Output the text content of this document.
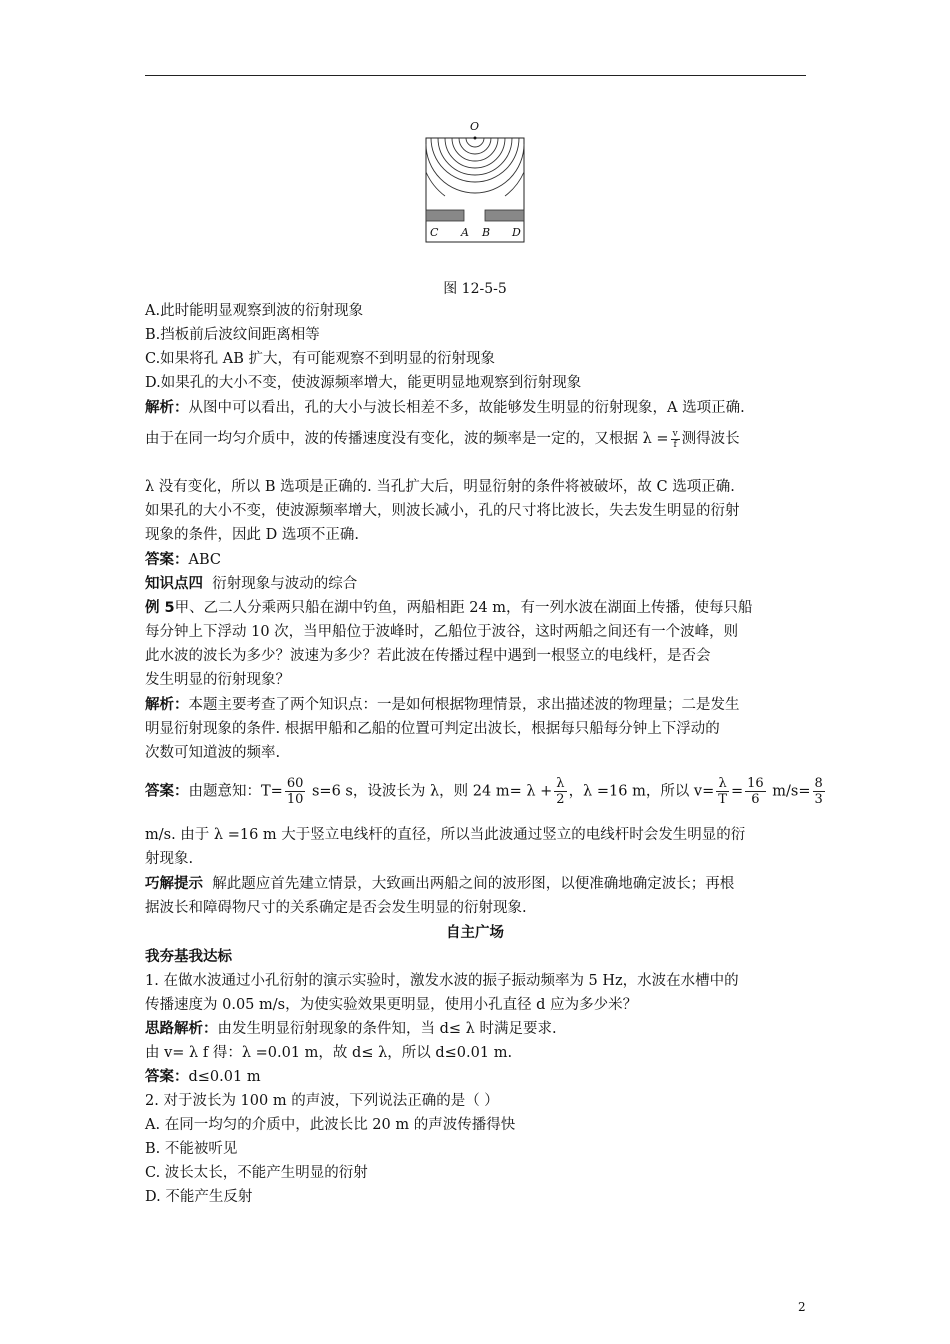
O
C A B D
图 12-5-5
A.此时能明显观察到波的衍射现象
B.挡板前后波纹间距离相等
C.如果将孔 AB 扩大，有可能观察不到明显的衍射现象
D.如果孔的大小不变，使波源频率增大，能更明显地观察到衍射现象
解析：从图中可以看出，孔的大小与波长相差不多，故能够发生明显的衍射现象，A 选项正确.
由于在同一均匀介质中，波的传播速度没有变化，波的频率是一定的，又根据 $\lambda = \frac{v}{f}$ 测得波长
λ 没有变化，所以 B 选项是正确的. 当孔扩大后，明显衍射的条件将被破坏，故 C 选项正确.
如果孔的大小不变，使波源频率增大，则波长减小，孔的尺寸将比波长，失去发生明显的衍射
现象的条件，因此 D 选项不正确.
答案：ABC
知识点四 衍射现象与波动的综合
例 5甲、乙二人分乘两只船在湖中钓鱼，两船相距 24 m，有一列水波在湖面上传播，使每只船
每分钟上下浮动 10 次，当甲船位于波峰时，乙船位于波谷，这时两船之间还有一个波峰，则
此水波的波长为多少？波速为多少？若此波在传播过程中遇到一根竖立的电线杆，是否会
发生明显的衍射现象？
解析：本题主要考查了两个知识点：一是如何根据物理情景，求出描述波的物理量；二是发生
明显衍射现象的条件. 根据甲船和乙船的位置可判定出波长，根据每只船每分钟上下浮动的
次数可知道波的频率.
答案：由题意知：$T= \frac{60}{10} s=6$ s，设波长为 λ，则 24 $m= \lambda + \frac{\lambda}{2}$ ，λ =16 m，所以 $v= \frac{\lambda}{T} = \frac{16}{6} m/s= \frac{8}{3}$
m/s. 由于 λ =16 m 大于竖立电线杆的直径，所以当此波通过竖立的电线杆时会发生明显的衍
射现象.
巧解提示 解此题应首先建立情景，大致画出两船之间的波形图，以便准确地确定波长；再根
据波长和障碍物尺寸的关系确定是否会发生明显的衍射现象.
自主广场
我夯基我达标
1. 在做水波通过小孔衍射的演示实验时，激发水波的振子振动频率为 5 Hz，水波在水槽中的
传播速度为 0.05 m/s，为使实验效果更明显，使用小孔直径 d 应为多少米？
思路解析：由发生明显衍射现象的条件知，当 d≤ λ 时满足要求.
由 v= λ f 得：λ =0.01 m，故 d≤ λ，所以 d≤0.01 m.
答案：d≤0.01 m
2. 对于波长为 100 m 的声波，下列说法正确的是（ ）
A. 在同一均匀的介质中，此波长比 20 m 的声波传播得快
B. 不能被听见
C. 波长太长，不能产生明显的衍射
D. 不能产生反射
2
